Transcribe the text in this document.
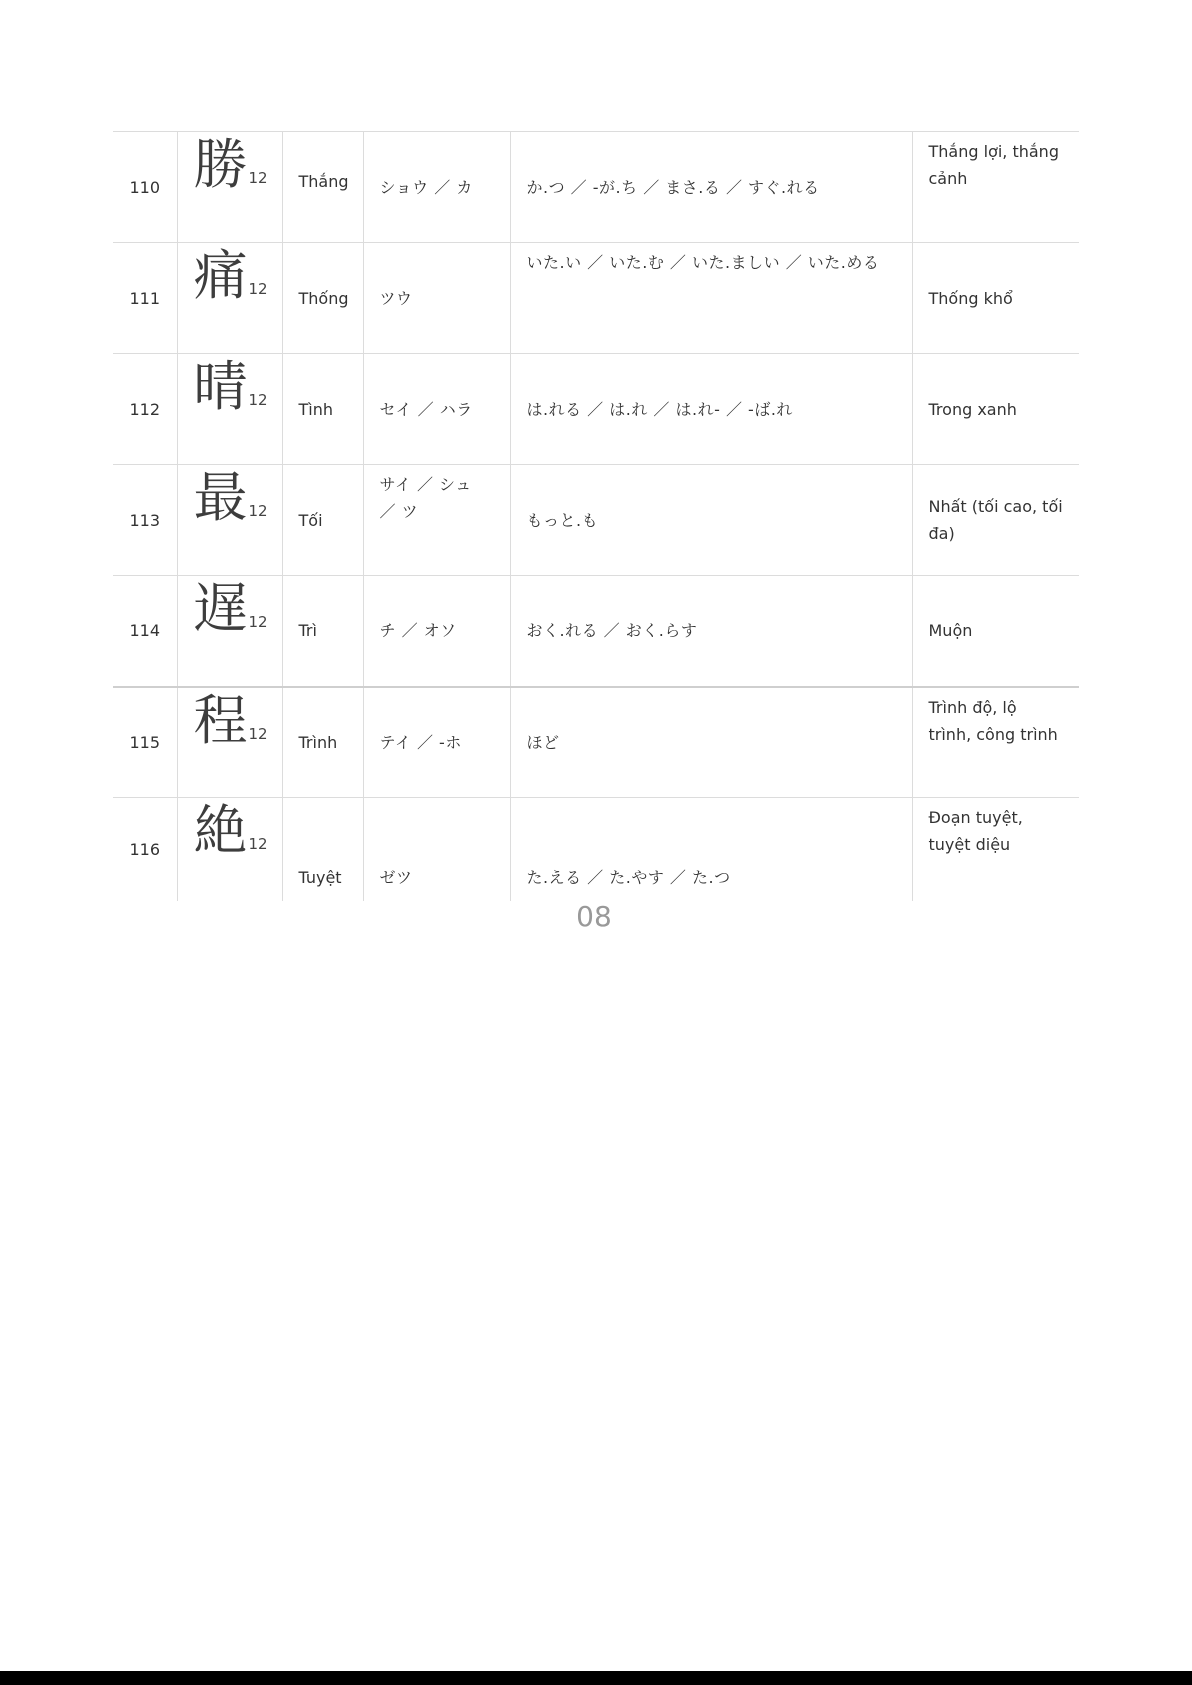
110	勝12	Thắng	ショウ ／ カ	か.つ ／ -が.ち ／ まさ.る ／ すぐ.れる	Thắng lợi, thắng cảnh
111	痛12	Thống	ツウ	いた.い ／ いた.む ／ いた.ましい ／ いた.める	Thống khổ
112	晴12	Tình	セイ ／ ハラ	は.れる ／ は.れ ／ は.れ- ／ -ば.れ	Trong xanh
113	最12	Tối	サイ ／ シュ ／ ツ	もっと.も	Nhất (tối cao, tối đa)
114	遅12	Trì	チ ／ オソ	おく.れる ／ おく.らす	Muộn
115	程12	Trình	テイ ／ -ホ	ほど	Trình độ, lộ trình, công trình
116	絶12	Tuyệt	ゼツ	た.える ／ た.やす ／ た.つ	Đoạn tuyệt, tuyệt diệu
08
